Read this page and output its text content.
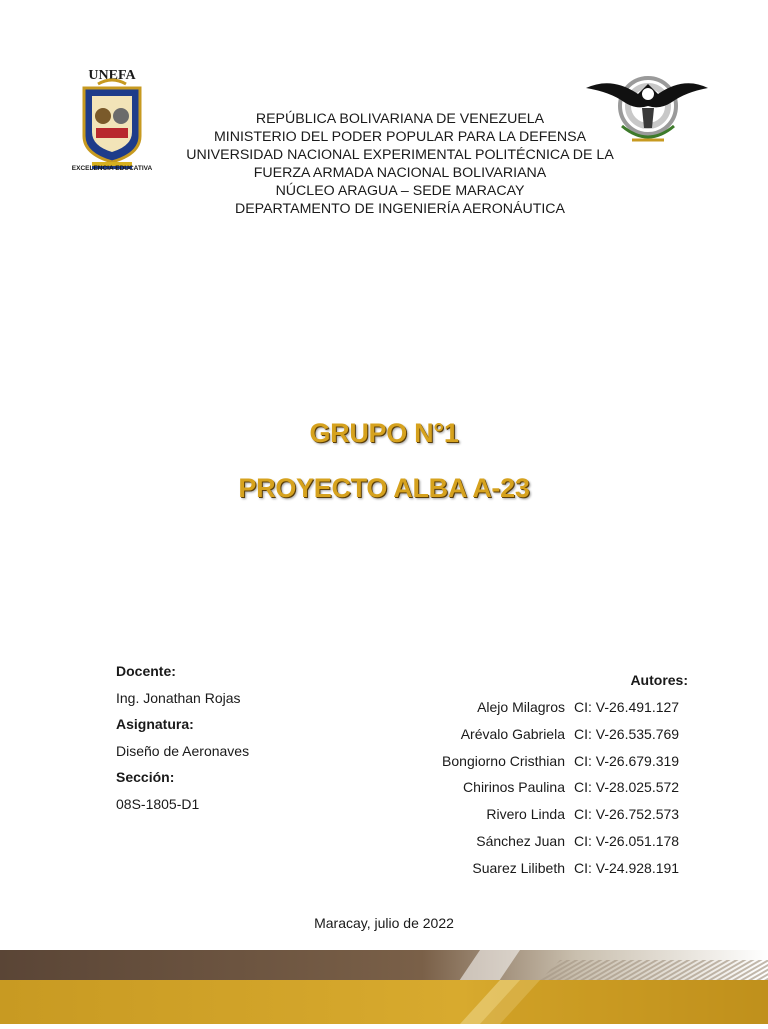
UNEFA
EXCELENCIA EDUCATIVA
REPÚBLICA BOLIVARIANA DE VENEZUELA
MINISTERIO DEL PODER POPULAR PARA LA DEFENSA
UNIVERSIDAD NACIONAL EXPERIMENTAL POLITÉCNICA DE LA
FUERZA ARMADA NACIONAL BOLIVARIANA
NÚCLEO ARAGUA – SEDE MARACAY
DEPARTAMENTO DE INGENIERÍA AERONÁUTICA
GRUPO N°1
PROYECTO ALBA A-23
Docente:
Ing. Jonathan Rojas
Asignatura:
Diseño de Aeronaves
Sección:
08S-1805-D1
Autores:
Alejo Milagros CI: V-26.491.127
Arévalo Gabriela CI: V-26.535.769
Bongiorno Cristhian CI: V-26.679.319
Chirinos Paulina CI: V-28.025.572
Rivero Linda CI: V-26.752.573
Sánchez Juan CI: V-26.051.178
Suarez Lilibeth CI: V-24.928.191
Maracay, julio de 2022
